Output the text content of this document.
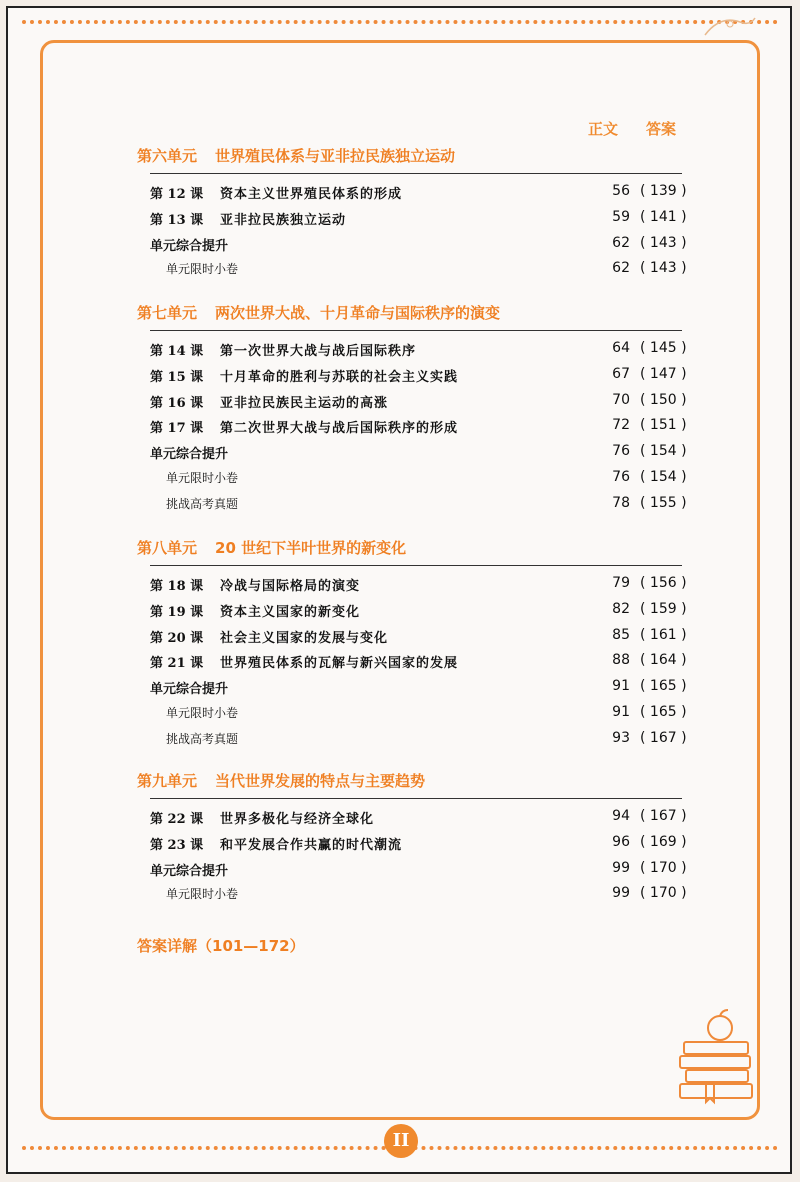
正文 答案
第六单元 世界殖民体系与亚非拉民族独立运动
第 12 课 资本主义世界殖民体系的形成	56 ( 139 )
第 13 课 亚非拉民族独立运动	59 ( 141 )
单元综合提升	62 ( 143 )
单元限时小卷	62 ( 143 )
第七单元 两次世界大战、十月革命与国际秩序的演变
第 14 课 第一次世界大战与战后国际秩序	64 ( 145 )
第 15 课 十月革命的胜利与苏联的社会主义实践	67 ( 147 )
第 16 课 亚非拉民族民主运动的高涨	70 ( 150 )
第 17 课 第二次世界大战与战后国际秩序的形成	72 ( 151 )
单元综合提升	76 ( 154 )
单元限时小卷	76 ( 154 )
挑战高考真题	78 ( 155 )
第八单元 20 世纪下半叶世界的新变化
第 18 课 冷战与国际格局的演变	79 ( 156 )
第 19 课 资本主义国家的新变化	82 ( 159 )
第 20 课 社会主义国家的发展与变化	85 ( 161 )
第 21 课 世界殖民体系的瓦解与新兴国家的发展	88 ( 164 )
单元综合提升	91 ( 165 )
单元限时小卷	91 ( 165 )
挑战高考真题	93 ( 167 )
第九单元 当代世界发展的特点与主要趋势
第 22 课 世界多极化与经济全球化	94 ( 167 )
第 23 课 和平发展合作共赢的时代潮流	96 ( 169 )
单元综合提升	99 ( 170 )
单元限时小卷	99 ( 170 )
答案详解（101—172）
II
